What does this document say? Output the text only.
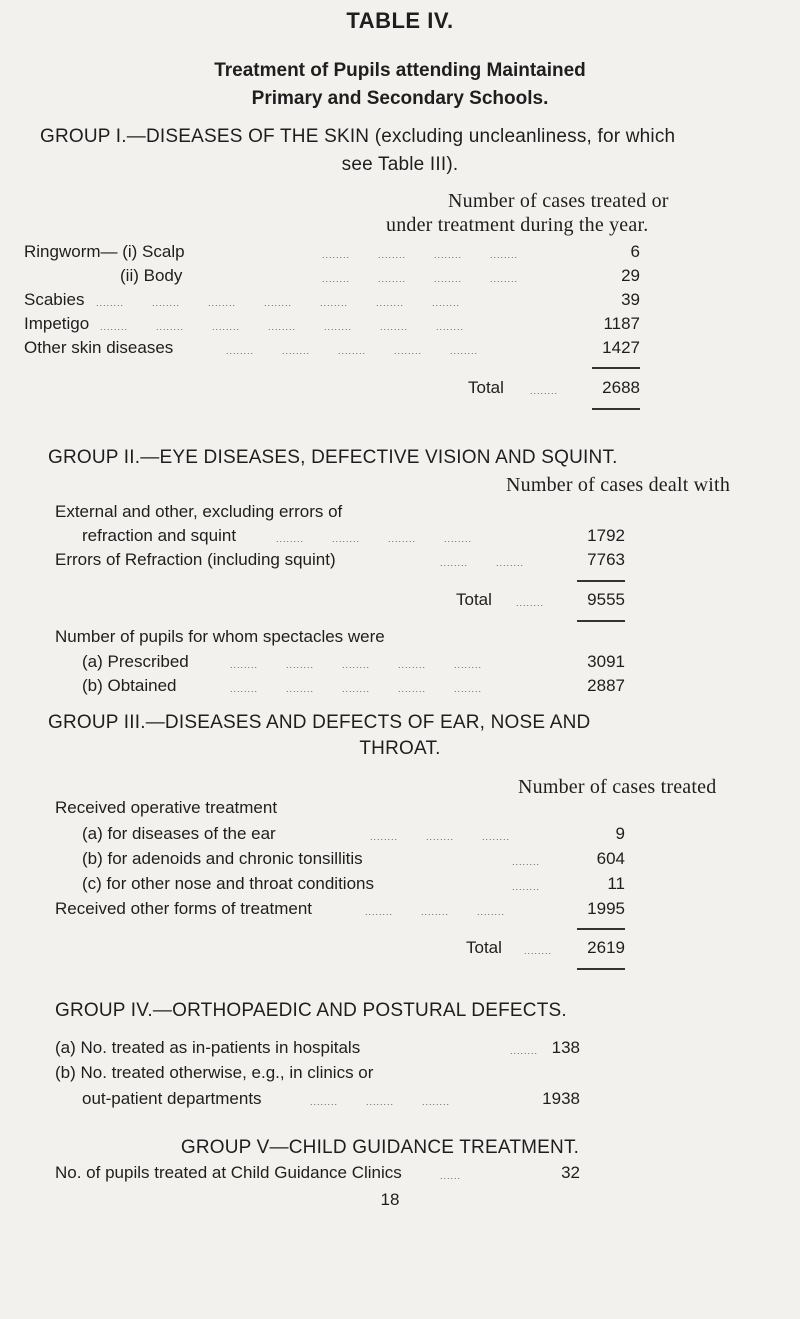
TABLE IV.
Treatment of Pupils attending Maintained
Primary and Secondary Schools.
GROUP I.—DISEASES OF THE SKIN (excluding uncleanliness, for which
see Table III).
Number of cases treated or
under treatment during the year.
Ringworm— (i) Scalp	........        ........        ........        ........	6
(ii) Body	........        ........        ........        ........	29
Scabies ........        ........        ........        ........        ........        ........        ........	39
Impetigo ........        ........        ........        ........        ........        ........        ........	1187
Other skin diseases	........        ........        ........        ........        ........	1427
Total	........	2688
GROUP II.—EYE DISEASES, DEFECTIVE VISION AND SQUINT.
Number of cases dealt with
External and other, excluding errors of
refraction and squint	........        ........        ........        ........	1792
Errors of Refraction (including squint)	........        ........	7763
Total	........	9555
Number of pupils for whom spectacles were
(a) Prescribed	........        ........        ........        ........        ........	3091
(b) Obtained	........        ........        ........        ........        ........	2887
GROUP III.—DISEASES AND DEFECTS OF EAR, NOSE AND
THROAT.
Number of cases treated
Received operative treatment
(a) for diseases of the ear	........        ........        ........	9
(b) for adenoids and chronic tonsillitis	........	604
(c) for other nose and throat conditions	........	11
Received other forms of treatment	........        ........        ........	1995
Total ........	2619
GROUP IV.—ORTHOPAEDIC AND POSTURAL DEFECTS.
(a) No. treated as in-patients in hospitals	........ 138
(b) No. treated otherwise, e.g., in clinics or
out-patient departments	........        ........        ........	1938
GROUP V—CHILD GUIDANCE TREATMENT.
No. of pupils treated at Child Guidance Clinics	......	32
18
